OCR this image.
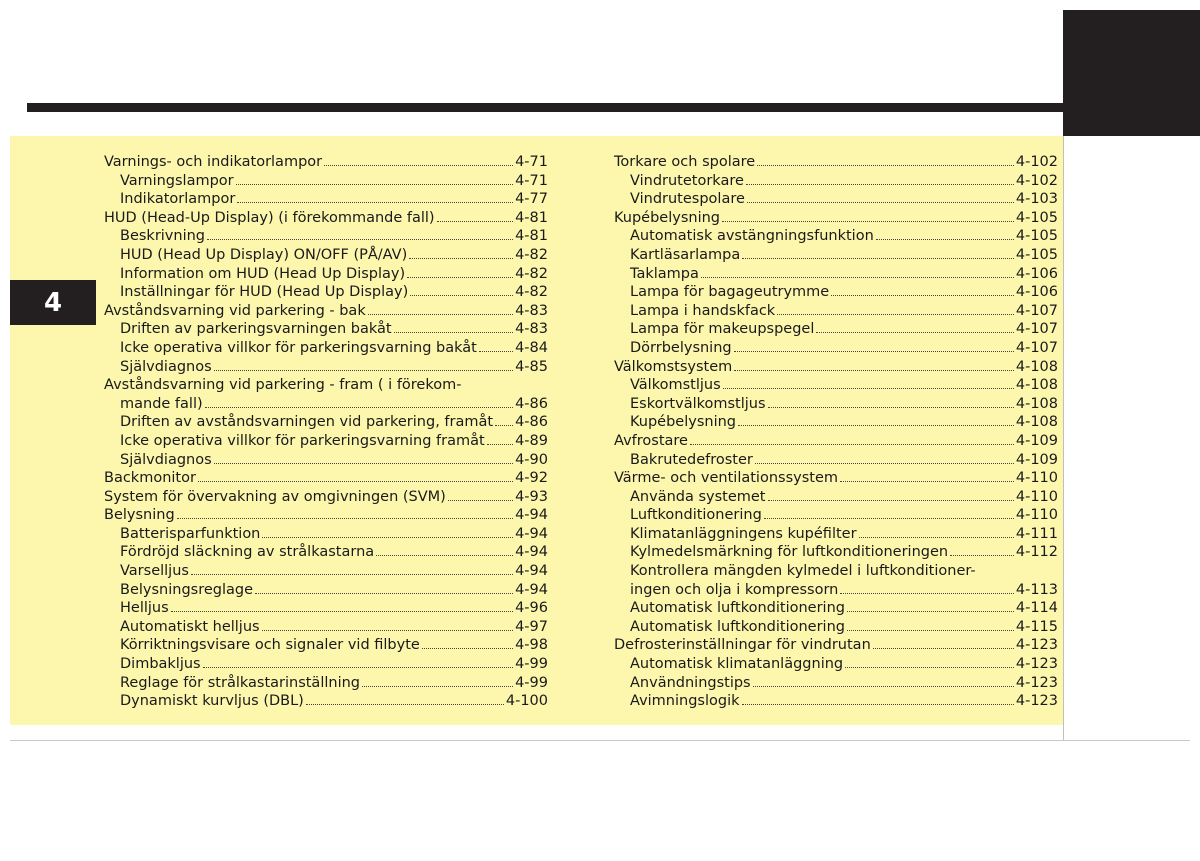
4
Varnings- och indikatorlampor	4-71
Varningslampor	4-71
Indikatorlampor	4-77
HUD (Head-Up Display) (i förekommande fall)	4-81
Beskrivning	4-81
HUD (Head Up Display) ON/OFF (PÅ/AV)	4-82
Information om HUD (Head Up Display)	4-82
Inställningar för HUD (Head Up Display)	4-82
Avståndsvarning vid parkering - bak	4-83
Driften av parkeringsvarningen bakåt	4-83
Icke operativa villkor för parkeringsvarning bakåt	4-84
Självdiagnos	4-85
Avståndsvarning vid parkering - fram ( i förekom-
mande fall)	4-86
Driften av avståndsvarningen vid parkering, framåt 4-86
Icke operativa villkor för parkeringsvarning framåt 4-89
Självdiagnos	4-90
Backmonitor	4-92
System för övervakning av omgivningen (SVM)	4-93
Belysning	4-94
Batterisparfunktion	4-94
Fördröjd släckning av strålkastarna	4-94
Varselljus	4-94
Belysningsreglage	4-94
Helljus	4-96
Automatiskt helljus	4-97
Körriktningsvisare och signaler vid filbyte	4-98
Dimbakljus	4-99
Reglage för strålkastarinställning	4-99
Dynamiskt kurvljus (DBL)	4-100
Torkare och spolare	4-102
Vindrutetorkare	4-102
Vindrutespolare	4-103
Kupébelysning	4-105
Automatisk avstängningsfunktion	4-105
Kartläsarlampa	4-105
Taklampa	4-106
Lampa för bagageutrymme	4-106
Lampa i handskfack	4-107
Lampa för makeupspegel	4-107
Dörrbelysning	4-107
Välkomstsystem	4-108
Välkomstljus	4-108
Eskortvälkomstljus	4-108
Kupébelysning	4-108
Avfrostare	4-109
Bakrutedefroster	4-109
Värme- och ventilationssystem	4-110
Använda systemet	4-110
Luftkonditionering	4-110
Klimatanläggningens kupéfilter	4-111
Kylmedelsmärkning för luftkonditioneringen	4-112
Kontrollera mängden kylmedel i luftkonditioner-
ingen och olja i kompressorn	4-113
Automatisk luftkonditionering	4-114
Automatisk luftkonditionering	4-115
Defrosterinställningar för vindrutan	4-123
Automatisk klimatanläggning	4-123
Användningstips	4-123
Avimningslogik	4-123
